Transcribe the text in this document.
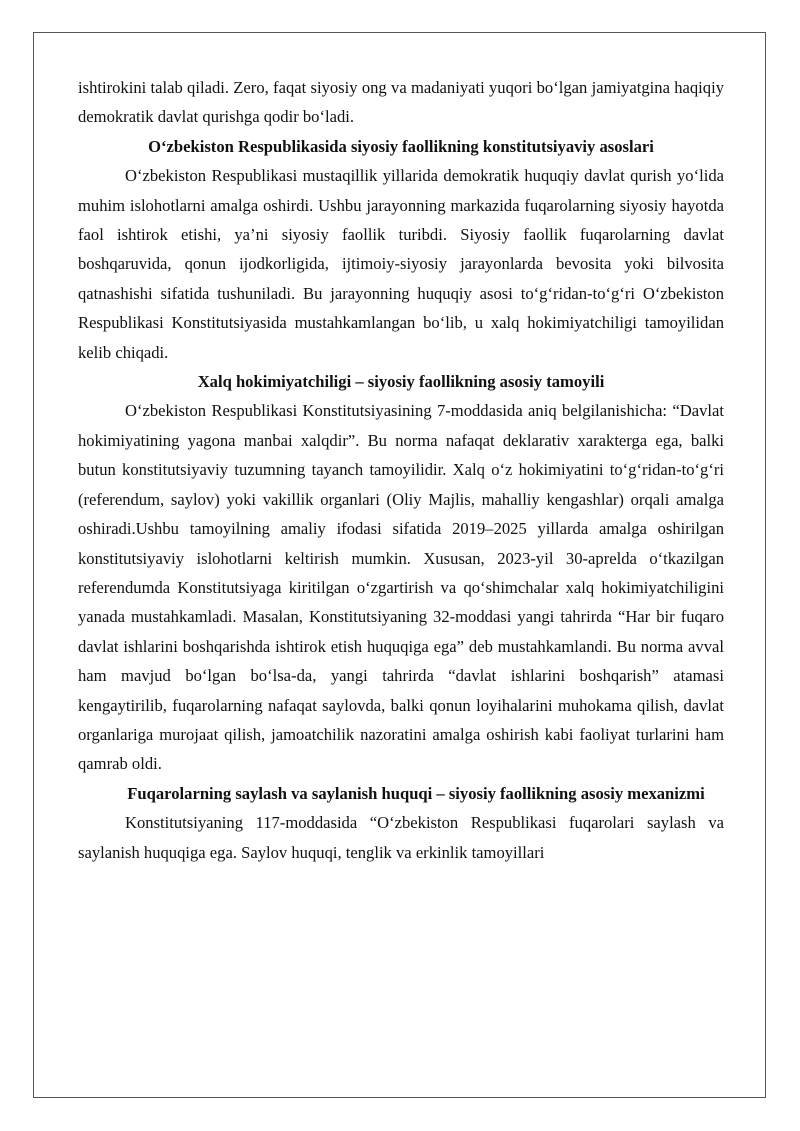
ishtirokini talab qiladi. Zero, faqat siyosiy ong va madaniyati yuqori bo‘lgan jamiyatgina haqiqiy demokratik davlat qurishga qodir bo‘ladi.

O‘zbekiston Respublikasida siyosiy faollikning konstitutsiyaviy asoslari

O‘zbekiston Respublikasi mustaqillik yillarida demokratik huquqiy davlat qurish yo‘lida muhim islohotlarni amalga oshirdi. Ushbu jarayonning markazida fuqarolarning siyosiy hayotda faol ishtirok etishi, ya’ni siyosiy faollik turibdi. Siyosiy faollik fuqarolarning davlat boshqaruvida, qonun ijodkorligida, ijtimoiy-siyosiy jarayonlarda bevosita yoki bilvosita qatnashishi sifatida tushuniladi. Bu jarayonning huquqiy asosi to‘g‘ridan-to‘g‘ri O‘zbekiston Respublikasi Konstitutsiyasida mustahkamlangan bo‘lib, u xalq hokimiyatchiligi tamoyilidan kelib chiqadi.

Xalq hokimiyatchiligi – siyosiy faollikning asosiy tamoyili

O‘zbekiston Respublikasi Konstitutsiyasining 7-moddasida aniq belgilanishicha: “Davlat hokimiyatining yagona manbai xalqdir”. Bu norma nafaqat deklarativ xarakterga ega, balki butun konstitutsiyaviy tuzumning tayanch tamoyilidir. Xalq o‘z hokimiyatini to‘g‘ridan-to‘g‘ri (referendum, saylov) yoki vakillik organlari (Oliy Majlis, mahalliy kengashlar) orqali amalga oshiradi.Ushbu tamoyilning amaliy ifodasi sifatida 2019–2025 yillarda amalga oshirilgan konstitutsiyaviy islohotlarni keltirish mumkin. Xususan, 2023-yil 30-aprelda o‘tkazilgan referendumda Konstitutsiyaga kiritilgan o‘zgartirish va qo‘shimchalar xalq hokimiyatchiligini yanada mustahkamladi. Masalan, Konstitutsiyaning 32-moddasi yangi tahrirda “Har bir fuqaro davlat ishlarini boshqarishda ishtirok etish huquqiga ega” deb mustahkamlandi. Bu norma avval ham mavjud bo‘lgan bo‘lsa-da, yangi tahrirda “davlat ishlarini boshqarish” atamasi kengaytirilib, fuqarolarning nafaqat saylovda, balki qonun loyihalarini muhokama qilish, davlat organlariga murojaat qilish, jamoatchilik nazoratini amalga oshirish kabi faoliyat turlarini ham qamrab oldi.

Fuqarolarning saylash va saylanish huquqi – siyosiy faollikning asosiy mexanizmi

Konstitutsiyaning 117-moddasida “O‘zbekiston Respublikasi fuqarolari saylash va saylanish huquqiga ega. Saylov huquqi, tenglik va erkinlik tamoyillari
